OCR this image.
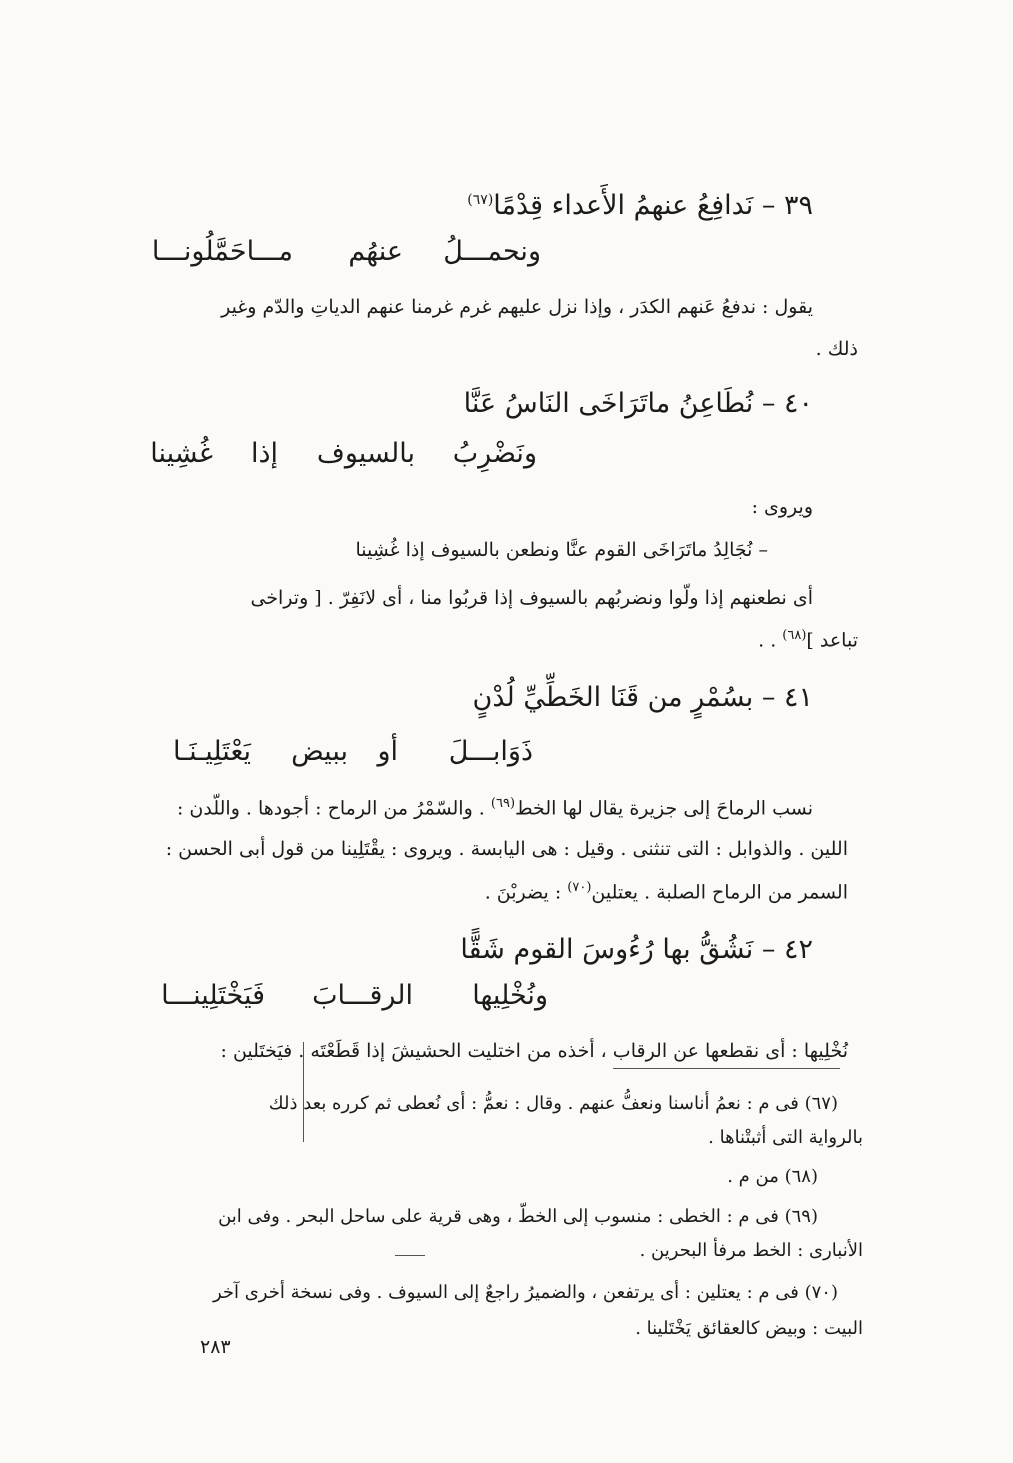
٣٩ – نَدافِعُ عنهمُ الأَعداء قِدْمًا$^{(٦٧)}$
ونحمـــلُ
عنهُم
مـــاحَمَّلُونـــا
يقول : ندفعُ عَنهم الكدَر ، وإذا نزل عليهم غرم غرمنا عنهم الدياتِ والدّم وغير
ذلك .
٤٠ – نُطَاعِنُ ماتَرَاخَى النَاسُ عَنَّا
ونَضْرِبُ
بالسيوف
إذا
غُشِينا
ويروى :
– نُجَالِدُ ماتَرَاخَى القوم عنَّا ونطعن بالسيوف إذا غُشِينا
أى نطعنهم إذا ولّوا ونضربُهم بالسيوف إذا قربُوا منا ، أى لانَفِرّ . [ وتراخى
تباعد ]$^{(٦٨)}$ . .
٤١ – بسُمْرٍ من قَنَا الخَطِّيِّ لُدْنٍ
ذَوَابـــلَ
أو
ببيض
يَعْتَلِيـنَـا
نسب الرماحَ إلى جزيرة يقال لها الخط$^{(٦٩)}$ . والسّمْرُ من الرماح : أجودها . واللّدن :
اللين . والذوابل : التى تنثنى . وقيل : هى اليابسة . ويروى : يقْتَلِينا من قول أبى الحسن :
السمر من الرماح الصلبة . يعتلين$^{(٧٠)}$ : يضربْنَ .
٤٢ – نَشُقُّ بها رُءُوسَ القوم شَقًّا
ونُخْلِيها
الرقـــابَ
فَيَخْتَلِينـــا
نُخْلِيها : أى نقطعها عن الرقاب ، أخذه من اختليت الحشيشَ إذا قَطَعْتَه . فيَختَلين :
(٦٧) فى م : نعمُ أناسنا ونعفُّ عنهم . وقال : نعمُّ : أى نُعطى ثم كرره بعد ذلك
بالرواية التى أثبتْناها .
(٦٨) من م .
(٦٩) فى م : الخطى : منسوب إلى الخطّ ، وهى قرية على ساحل البحر . وفى ابن
الأنبارى : الخط مرفأ البحرين .
(٧٠) فى م : يعتلين : أى يرتفعن ، والضميرُ راجعٌ إلى السيوف . وفى نسخة أخرى آخر
البيت : وبيض كالعقائق يَخْتَلينا .
٢٨٣
